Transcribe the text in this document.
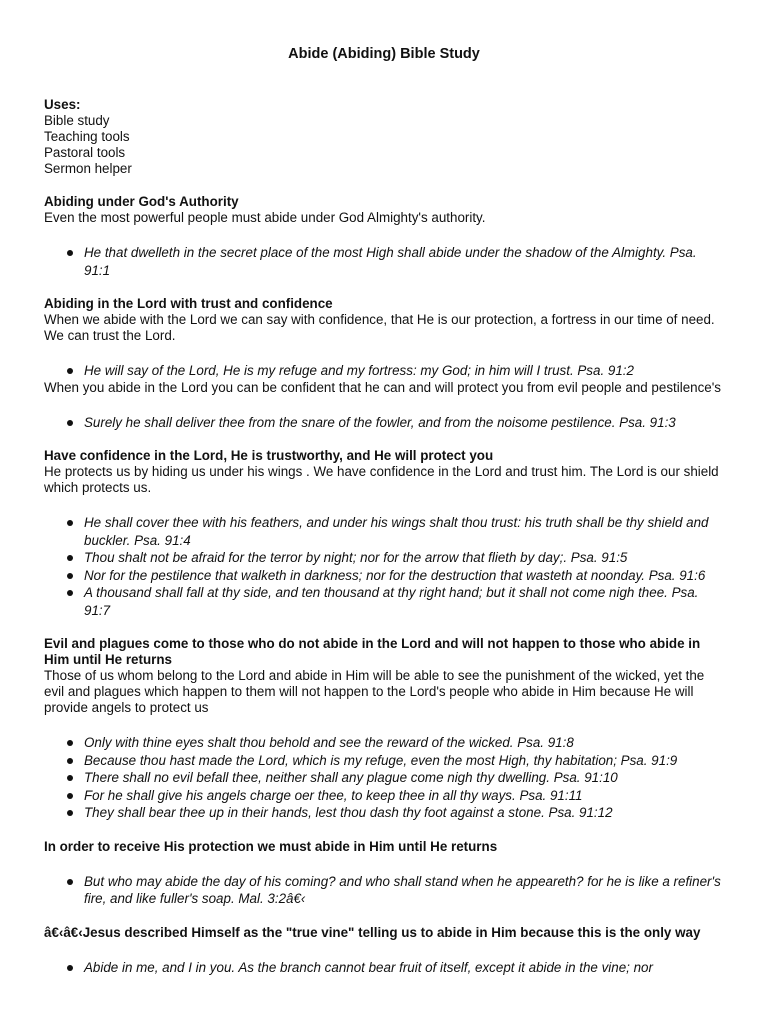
Abide (Abiding) Bible Study
Uses:
Bible study
Teaching tools
Pastoral tools
Sermon helper
Abiding under God's Authority
Even the most powerful people must abide under God Almighty's authority.
He that dwelleth in the secret place of the most High shall abide under the shadow of the Almighty. Psa. 91:1
Abiding in the Lord with trust and confidence
When we abide with the Lord we can say with confidence, that He is our protection, a fortress in our time of need. We can trust the Lord.
He will say of the Lord, He is my refuge and my fortress: my God; in him will I trust. Psa. 91:2
When you abide in the Lord you can be confident that he can and will protect you from evil people and pestilence's
Surely he shall deliver thee from the snare of the fowler, and from the noisome pestilence. Psa. 91:3
Have confidence in the Lord, He is trustworthy, and He will protect you
He protects us by hiding us under his wings . We have confidence in the Lord and trust him. The Lord is our shield which protects us.
He shall cover thee with his feathers, and under his wings shalt thou trust: his truth shall be thy shield and buckler. Psa. 91:4
Thou shalt not be afraid for the terror by night; nor for the arrow that flieth by day;. Psa. 91:5
Nor for the pestilence that walketh in darkness; nor for the destruction that wasteth at noonday. Psa. 91:6
A thousand shall fall at thy side, and ten thousand at thy right hand; but it shall not come nigh thee. Psa. 91:7
Evil and plagues come to those who do not abide in the Lord and will not happen to those who abide in Him until He returns
Those of us whom belong to the Lord and abide in Him will be able to see the punishment of the wicked, yet the evil and plagues which happen to them will not happen to the Lord's people who abide in Him because He will provide angels to protect us
Only with thine eyes shalt thou behold and see the reward of the wicked. Psa. 91:8
Because thou hast made the Lord, which is my refuge, even the most High, thy habitation; Psa. 91:9
There shall no evil befall thee, neither shall any plague come nigh thy dwelling. Psa. 91:10
For he shall give his angels charge oer thee, to keep thee in all thy ways. Psa. 91:11
They shall bear thee up in their hands, lest thou dash thy foot against a stone. Psa. 91:12
In order to receive His protection we must abide in Him until He returns
But who may abide the day of his coming? and who shall stand when he appeareth? for he is like a refiner's fire, and like fuller's soap. Mal. 3:2â€‹
â€‹â€‹Jesus described Himself as the "true vine" telling us to abide in Him because this is the only way
Abide in me, and I in you. As the branch cannot bear fruit of itself, except it abide in the vine; nor
